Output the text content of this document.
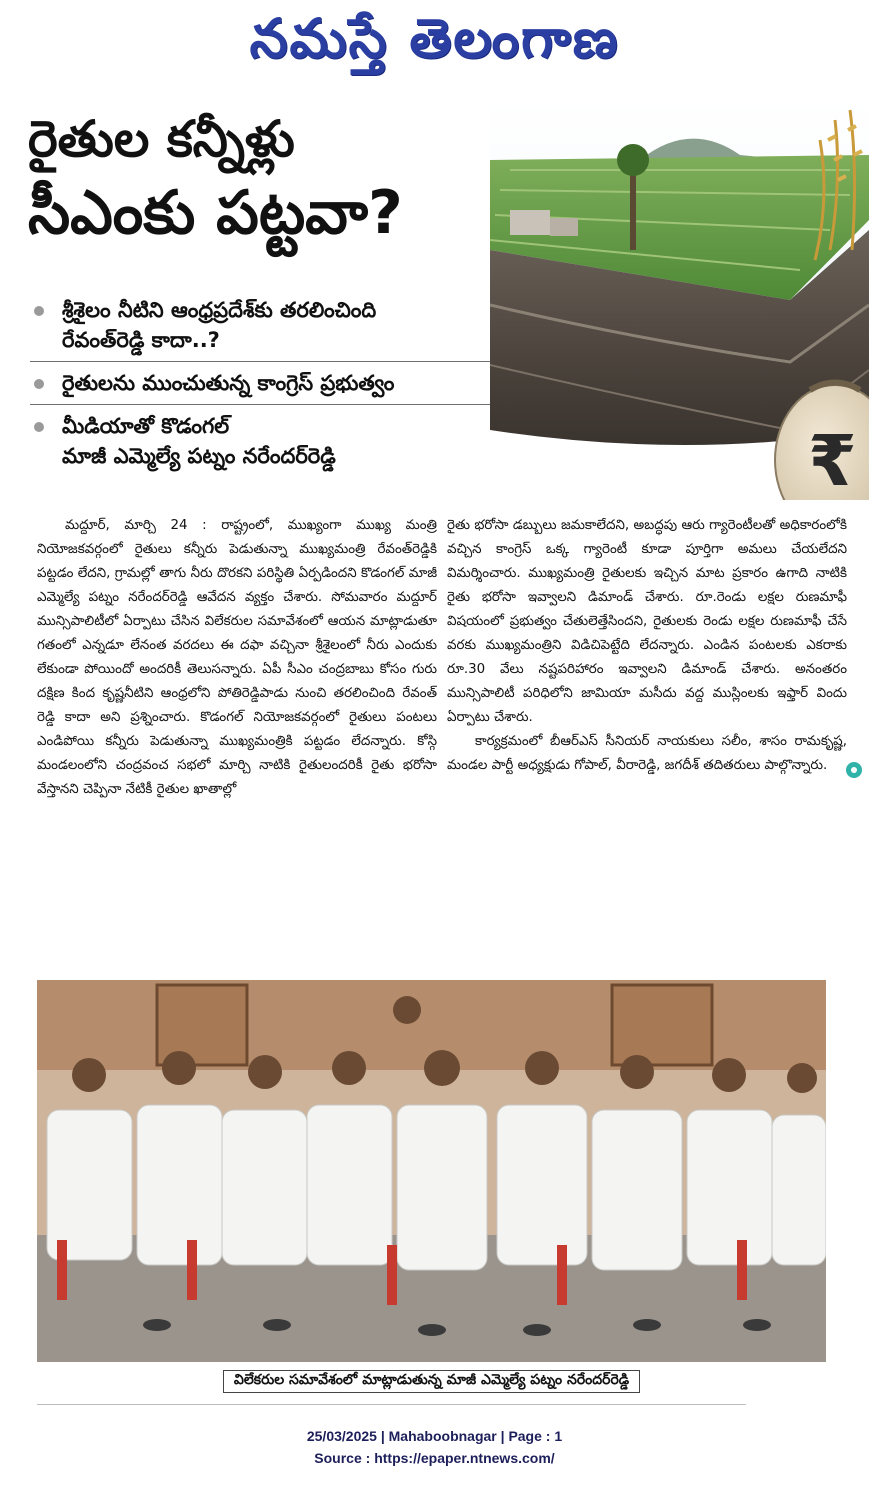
నమస్తే తెలంగాణ
రైతుల కన్నీళ్లు
సీఎంకు పట్టవా?
₹
శ్రీశైలం నీటిని ఆంధ్రప్రదేశ్‌కు తరలించింది
రేవంత్‌రెడ్డి కాదా..?
రైతులను ముంచుతున్న కాంగ్రెస్ ప్రభుత్వం
మీడియాతో కొడంగల్
మాజీ ఎమ్మెల్యే పట్నం నరేందర్‌రెడ్డి

మద్దూర్, మార్చి 24 : రాష్ట్రంలో, ముఖ్యంగా ముఖ్య మంత్రి నియోజకవర్గంలో రైతులు కన్నీరు పెడుతున్నా ముఖ్యమంత్రి రేవంత్‌రెడ్డికి పట్టడం లేదని, గ్రామల్లో తాగు నీరు దొరకని పరిస్థితి ఏర్పడిందని కొడంగల్ మాజీ ఎమ్మెల్యే పట్నం నరేందర్‌రెడ్డి ఆవేదన వ్యక్తం చేశారు. సోమవారం మద్దూర్ మున్సిపాలిటీలో ఏర్పాటు చేసిన విలేకరుల సమావేశంలో ఆయన మాట్లాడుతూ గతంలో ఎన్నడూ లేనంత వరదలు ఈ దఫా వచ్చినా శ్రీశైలంలో నీరు ఎందుకు లేకుండా పోయిందో అందరికీ తెలుసన్నారు. ఏపీ సీఎం చంద్రబాబు కోసం గురు దక్షిణ కింద కృష్ణనీటిని ఆంధ్రలోని పోతిరెడ్డిపాడు నుంచి తరలించింది రేవంత్ రెడ్డి కాదా అని ప్రశ్నించారు. కొడంగల్ నియోజకవర్గంలో రైతులు పంటలు ఎండిపోయి కన్నీరు పెడుతున్నా ముఖ్యమంత్రికి పట్టడం లేదన్నారు. కోస్గి మండలంలోని చంద్రవంచ సభలో మార్చి నాటికి రైతులందరికీ రైతు భరోసా వేస్తానని చెప్పినా నేటికీ రైతుల ఖాతాల్లో

రైతు భరోసా డబ్బులు జమకాలేదని, అబద్ధపు ఆరు గ్యారెంటీలతో అధికారంలోకి వచ్చిన కాంగ్రెస్ ఒక్క గ్యారెంటీ కూడా పూర్తిగా అమలు చేయలేదని విమర్శించారు. ముఖ్యమంత్రి రైతులకు ఇచ్చిన మాట ప్రకారం ఉగాది నాటికి రైతు భరోసా ఇవ్వాలని డిమాండ్ చేశారు. రూ.రెండు లక్షల రుణమాఫీ విషయంలో ప్రభుత్వం చేతులెత్తేసిందని, రైతులకు రెండు లక్షల రుణమాఫీ చేసే వరకు ముఖ్యమంత్రిని విడిచిపెట్టేది లేదన్నారు. ఎండిన పంటలకు ఎకరాకు రూ.30 వేలు నష్టపరిహారం ఇవ్వాలని డిమాండ్ చేశారు. అనంతరం మున్సిపాలిటీ పరిధిలోని జామియా మసీదు వద్ద ముస్లింలకు ఇఫ్తార్ విందు ఏర్పాటు చేశారు.

కార్యక్రమంలో బీఆర్‌ఎస్ సీనియర్ నాయకులు సలీం, శాసం రామకృష్ణ, మండల పార్టీ అధ్యక్షుడు గోపాల్, వీరారెడ్డి, జగదీశ్ తదితరులు పాల్గొన్నారు.

విలేకరుల సమావేశంలో మాట్లాడుతున్న మాజీ ఎమ్మెల్యే పట్నం నరేందర్‌రెడ్డి
25/03/2025 | Mahaboobnagar | Page : 1
Source : https://epaper.ntnews.com/
